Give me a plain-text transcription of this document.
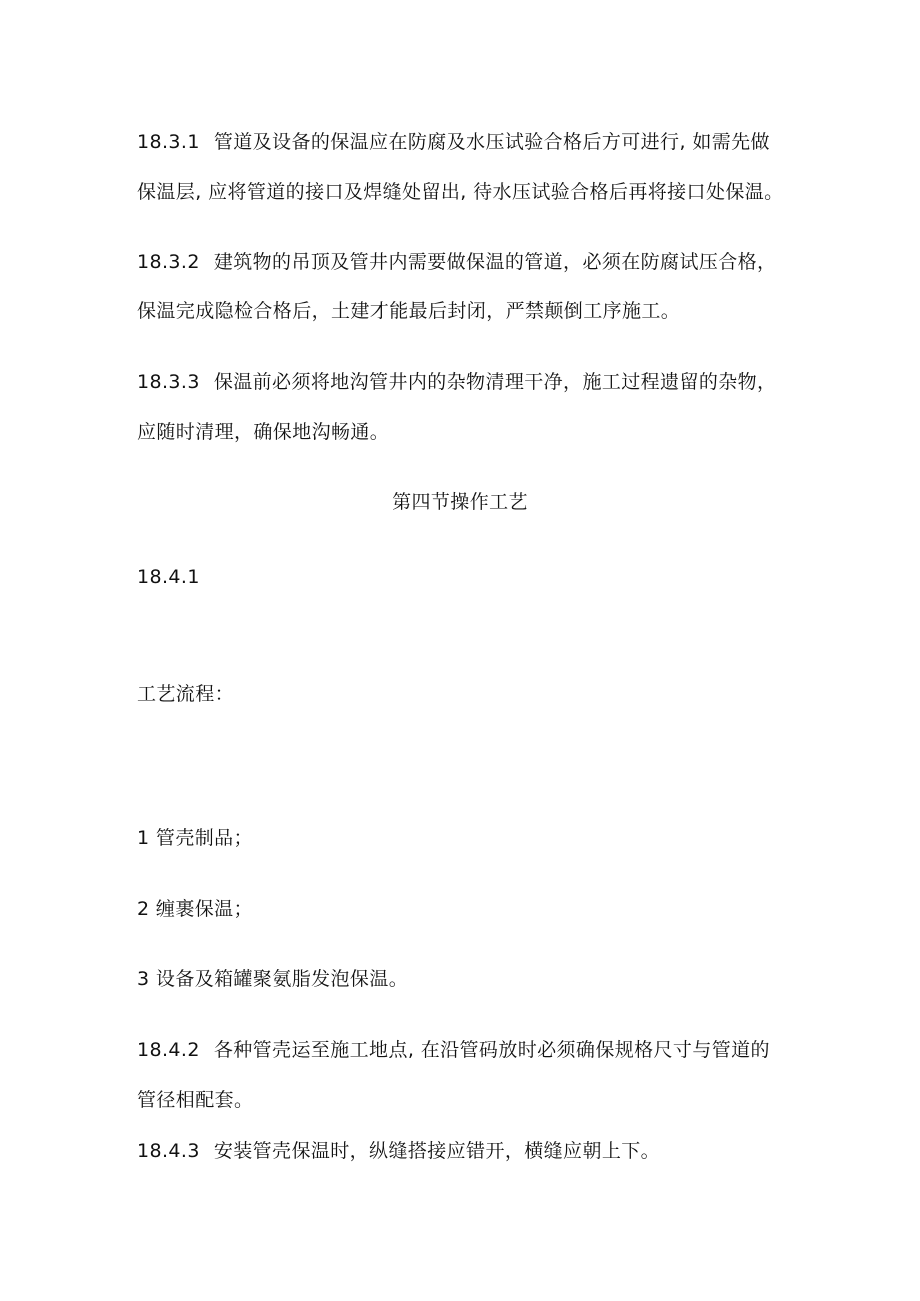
18.3.1 管道及设备的保温应在防腐及水压试验合格后方可进行, 如需先做
保温层, 应将管道的接口及焊缝处留出, 待水压试验合格后再将接口处保温。
18.3.2 建筑物的吊顶及管井内需要做保温的管道，必须在防腐试压合格，
保温完成隐检合格后，土建才能最后封闭，严禁颠倒工序施工。
18.3.3 保温前必须将地沟管井内的杂物清理干净，施工过程遗留的杂物，
应随时清理，确保地沟畅通。
第四节操作工艺
18.4.1
工艺流程：
1 管壳制品；
2 缠裹保温；
3 设备及箱罐聚氨脂发泡保温。
18.4.2 各种管壳运至施工地点, 在沿管码放时必须确保规格尺寸与管道的
管径相配套。
18.4.3 安装管壳保温时，纵缝搭接应错开，横缝应朝上下。
